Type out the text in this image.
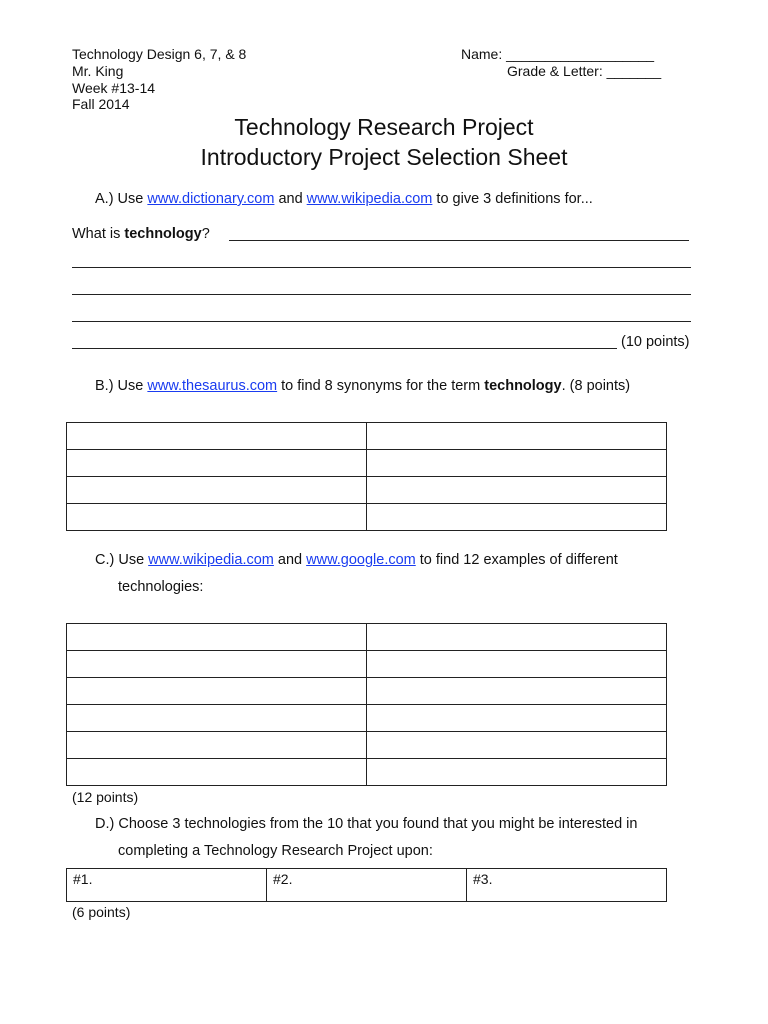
Technology Design 6, 7, & 8
Mr. King
Week #13-14
Fall 2014
Name: ___________________
Grade & Letter: _______
Technology Research Project
Introductory Project Selection Sheet
A.) Use www.dictionary.com and www.wikipedia.com to give 3 definitions for...
What is technology?
(10 points)
B.) Use www.thesaurus.com to find 8 synonyms for the term technology. (8 points)

C.) Use www.wikipedia.com and www.google.com to find 12 examples of different
technologies:

(12 points)
D.) Choose 3 technologies from the 10 that you found that you might be interested in
completing a Technology Research Project upon:
#1.	#2.	#3.
(6 points)
